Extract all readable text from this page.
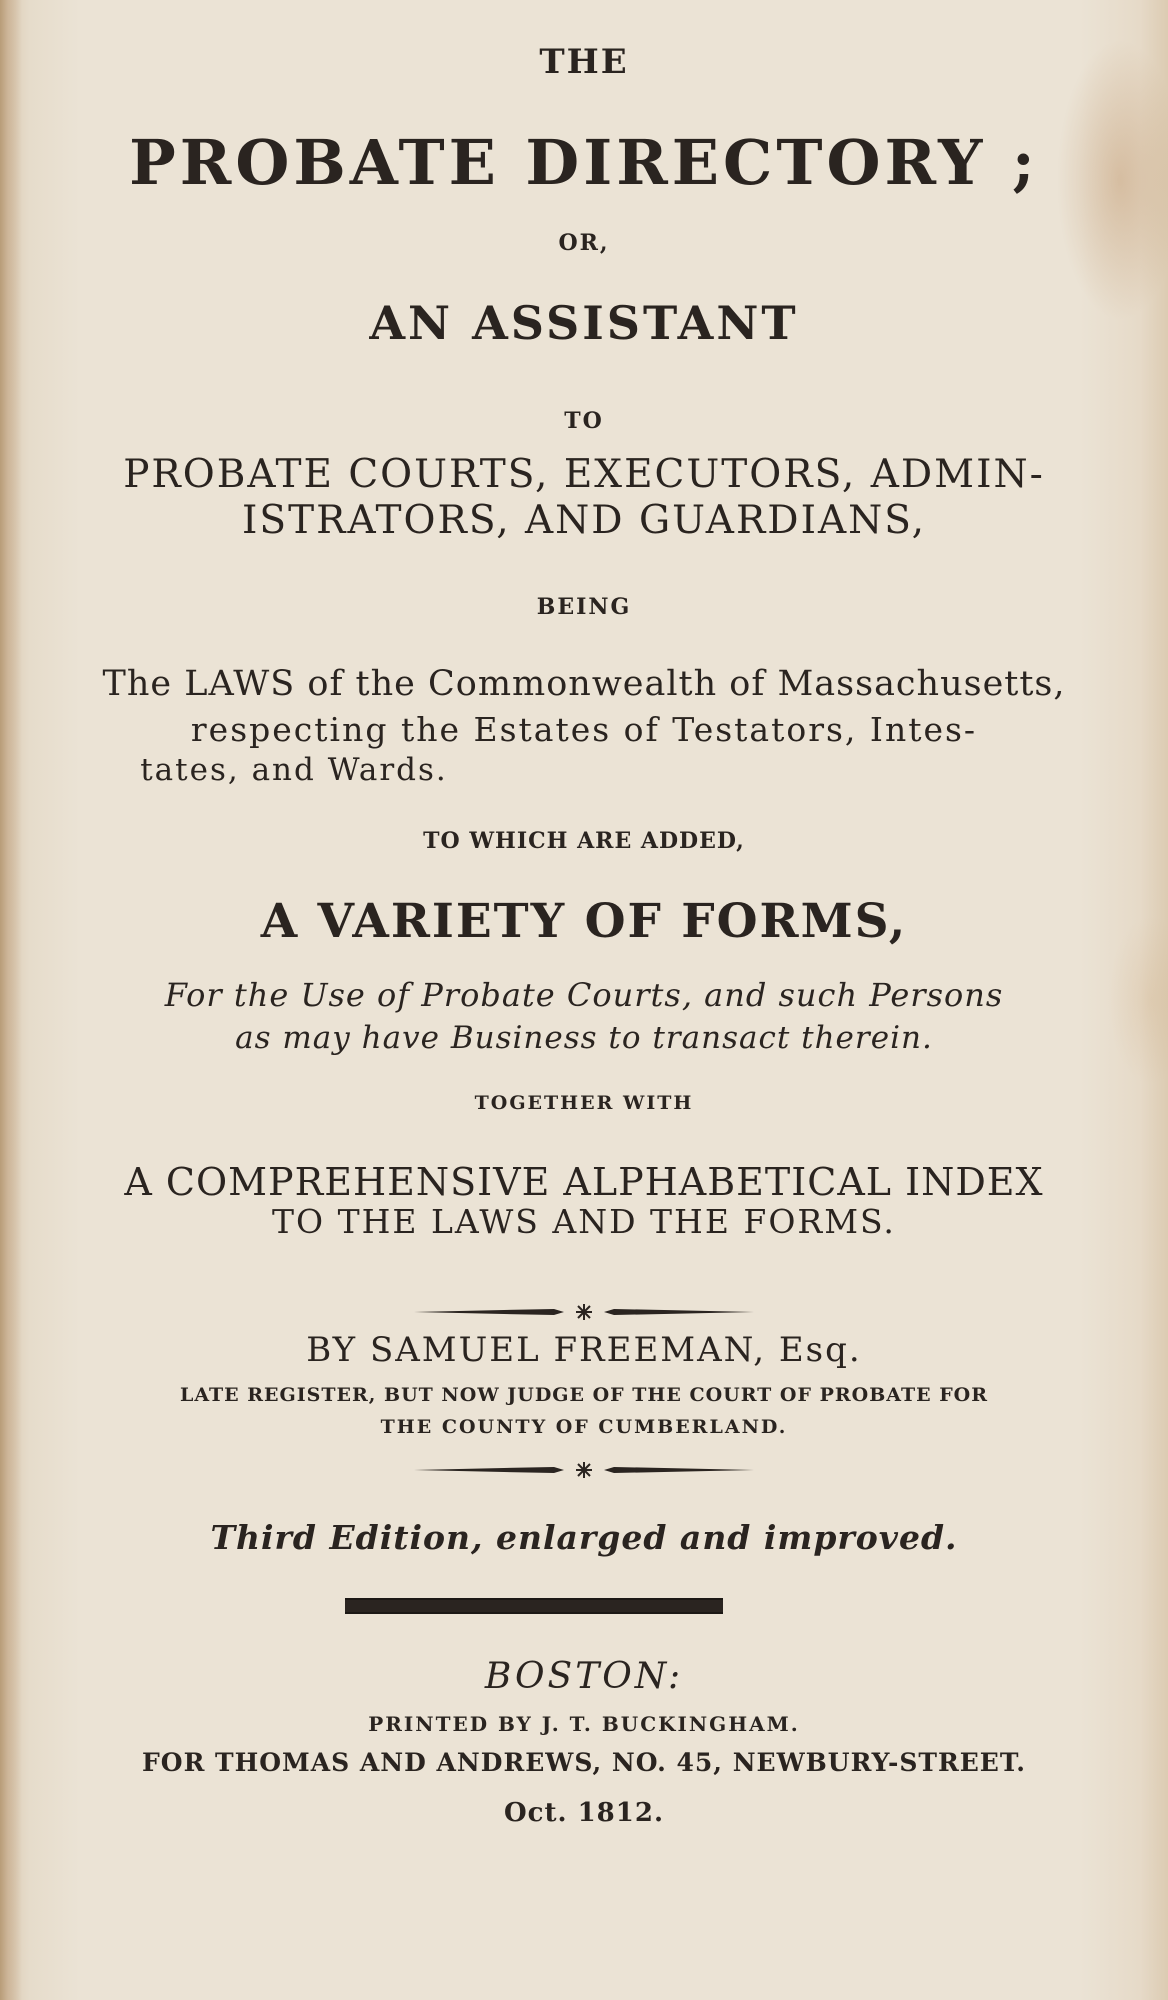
THE
PROBATE DIRECTORY ;
OR,
AN ASSISTANT
TO
PROBATE COURTS, EXECUTORS, ADMIN-
ISTRATORS, AND GUARDIANS,
BEING
The LAWS of the Commonwealth of Massachusetts,
respecting the Estates of Testators, Intes-
tates, and Wards.
TO WHICH ARE ADDED,
A VARIETY OF FORMS,
For the Use of Probate Courts, and such Persons
as may have Business to transact therein.
TOGETHER WITH
A COMPREHENSIVE ALPHABETICAL INDEX
TO THE LAWS AND THE FORMS.
BY SAMUEL FREEMAN, Esq.
LATE REGISTER, BUT NOW JUDGE OF THE COURT OF PROBATE FOR
THE COUNTY OF CUMBERLAND.
Third Edition, enlarged and improved.
BOSTON:
PRINTED BY J. T. BUCKINGHAM.
FOR THOMAS AND ANDREWS, NO. 45, NEWBURY-STREET.
Oct. 1812.
